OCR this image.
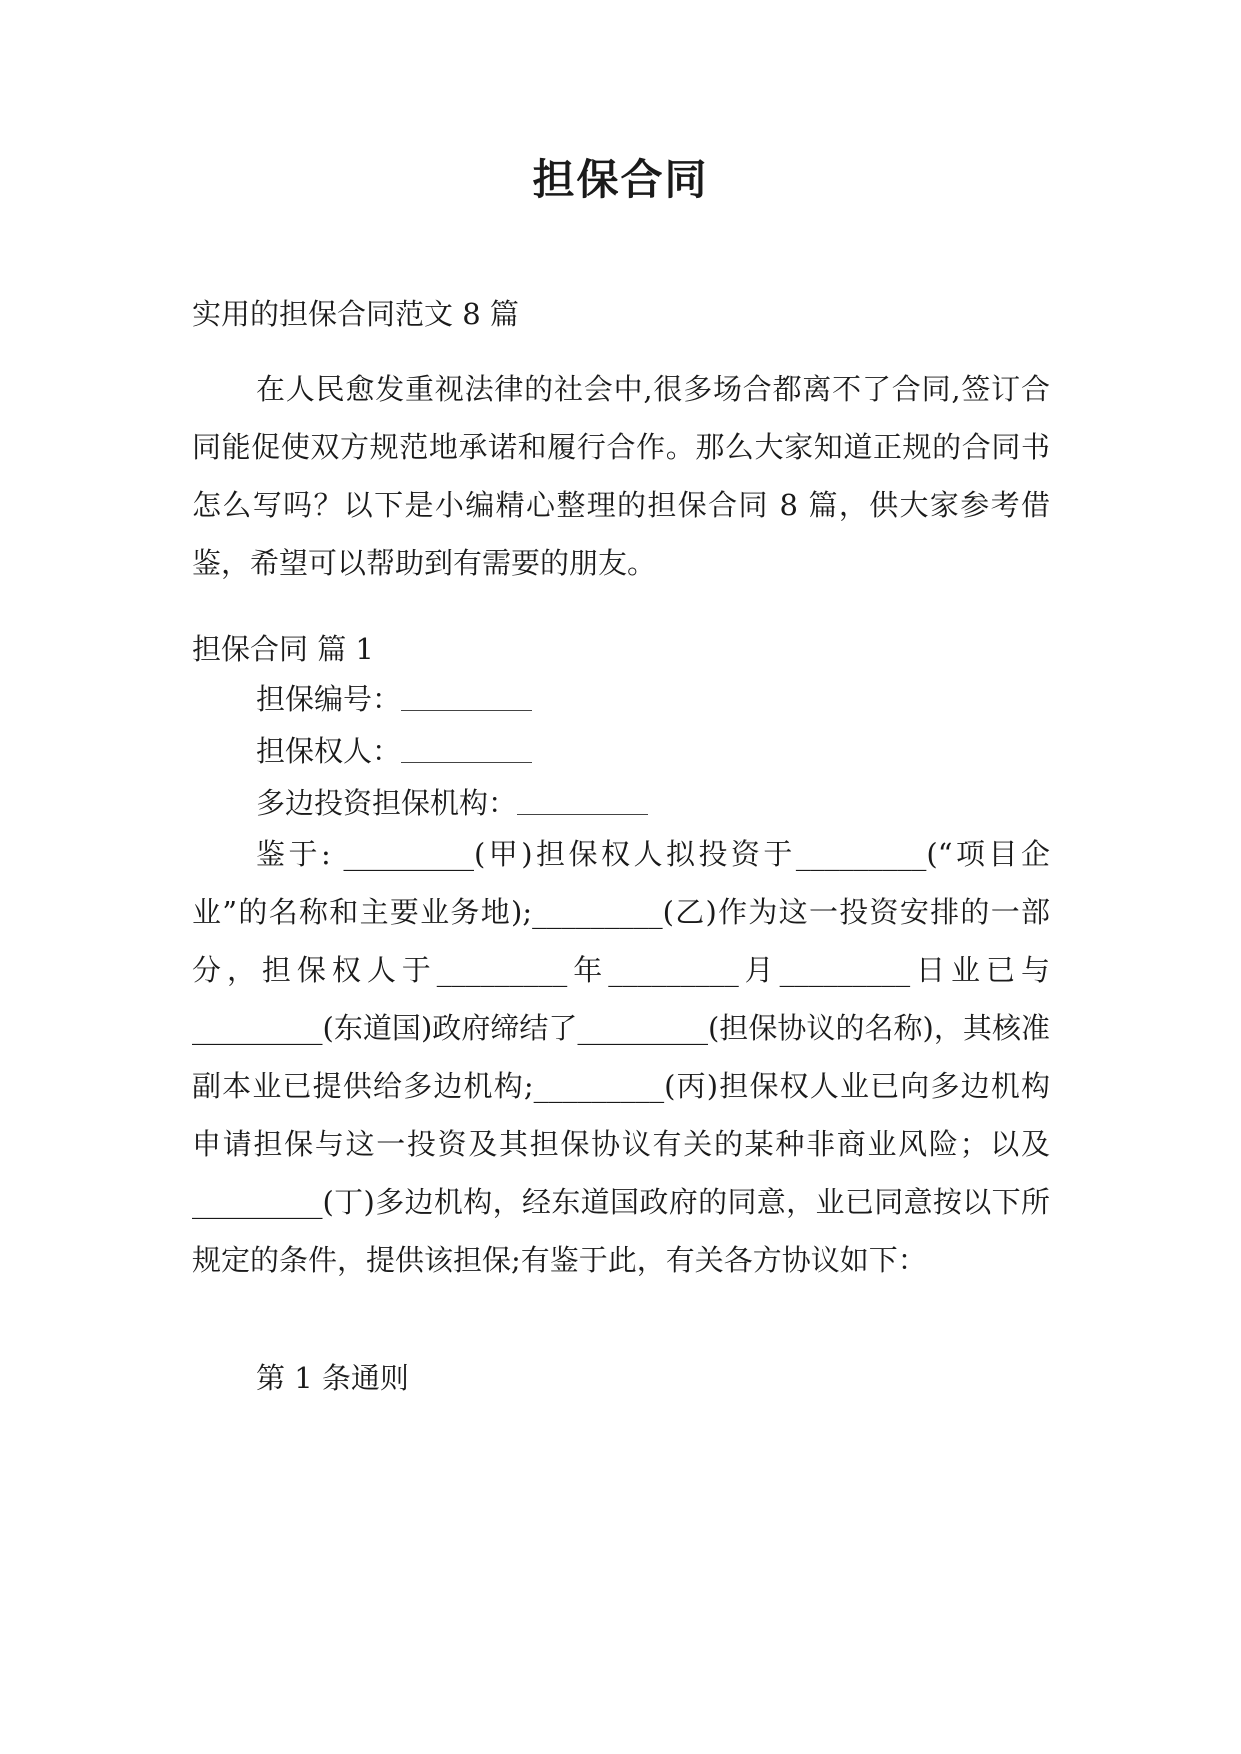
担保合同
实用的担保合同范文 8 篇

在人民愈发重视法律的社会中,很多场合都离不了合同,签订合同能促使双方规范地承诺和履行合作。那么大家知道正规的合同书怎么写吗？以下是小编精心整理的担保合同 8 篇，供大家参考借鉴，希望可以帮助到有需要的朋友。

担保合同 篇 1
担保编号：
担保权人：
多边投资担保机构：

鉴于: _________(甲)担保权人拟投资于_________(“项目企业”的名称和主要业务地);_________(乙)作为这一投资安排的一部分，担保权人于_________年_________月_________日业已与_________(东道国)政府缔结了_________(担保协议的名称)，其核准副本业已提供给多边机构;_________(丙)担保权人业已向多边机构申请担保与这一投资及其担保协议有关的某种非商业风险；以及_________(丁)多边机构，经东道国政府的同意，业已同意按以下所规定的条件，提供该担保;有鉴于此，有关各方协议如下：

第 1 条通则
